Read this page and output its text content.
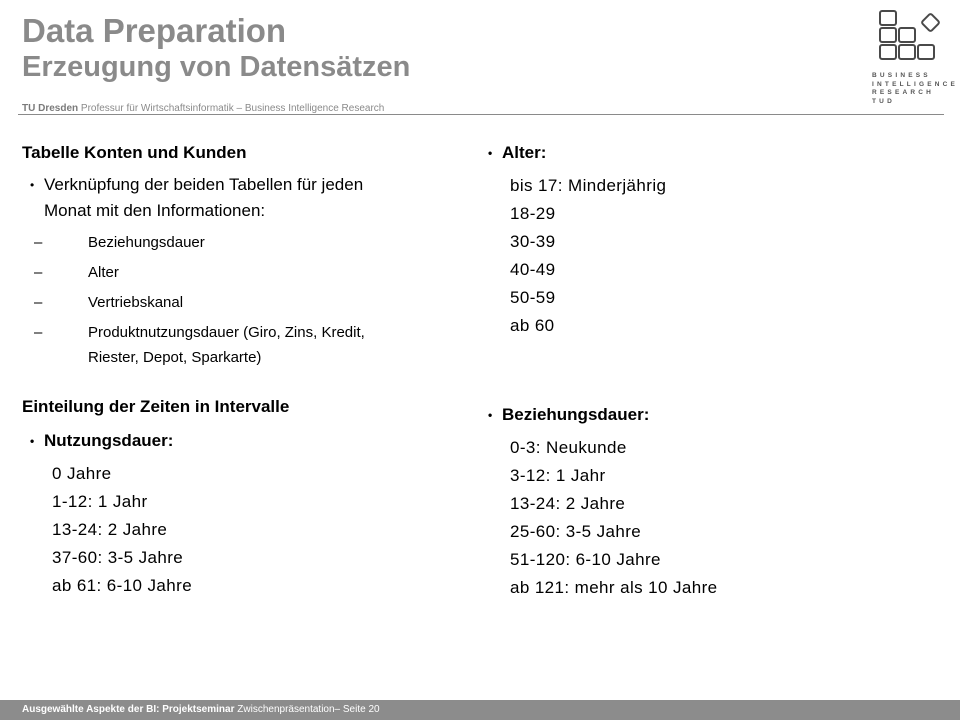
Data Preparation
Erzeugung von Datensätzen
TU Dresden Professur für Wirtschaftsinformatik – Business Intelligence Research
BUSINESS
INTELLIGENCE
RESEARCH TUD
Tabelle Konten und Kunden
• Verknüpfung der beiden Tabellen für jeden
Monat mit den Informationen:
– Beziehungsdauer
– Alter
– Vertriebskanal
– Produktnutzungsdauer (Giro, Zins, Kredit,
Riester, Depot, Sparkarte)
Einteilung der Zeiten in Intervalle
• Nutzungsdauer:
0 Jahre
1-12: 1 Jahr
13-24: 2 Jahre
37-60: 3-5 Jahre
ab 61: 6-10 Jahre
• Alter:
bis 17: Minderjährig
18-29
30-39
40-49
50-59
ab 60
• Beziehungsdauer:
0-3: Neukunde
3-12: 1 Jahr
13-24: 2 Jahre
25-60: 3-5 Jahre
51-120: 6-10 Jahre
ab 121: mehr als 10 Jahre
Ausgewählte Aspekte der BI: Projektseminar Zwischenpräsentation– Seite 20
